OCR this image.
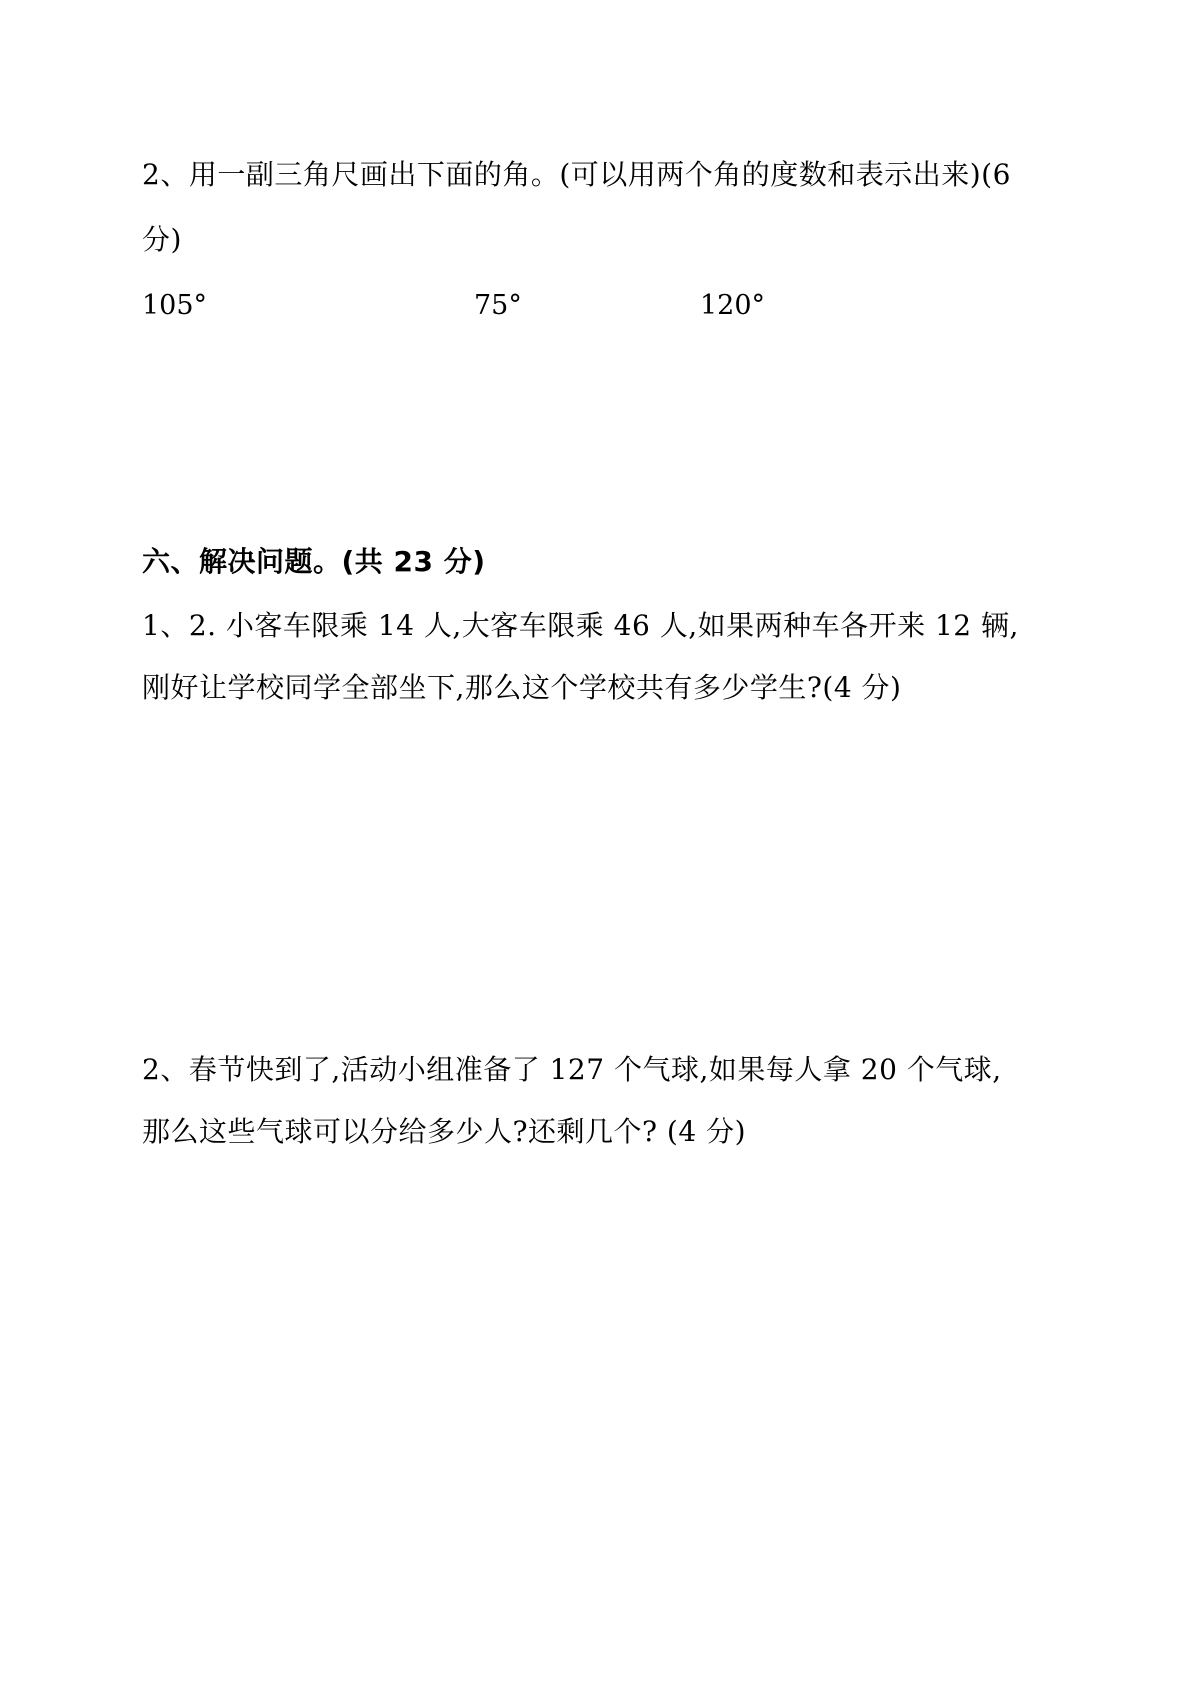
2、用一副三角尺画出下面的角。(可以用两个角的度数和表示出来)(6

分)

105°	75°	120°

六、解决问题。(共 23 分)

1、2. 小客车限乘 14 人,大客车限乘 46 人,如果两种车各开来 12 辆,

刚好让学校同学全部坐下,那么这个学校共有多少学生?(4 分)

2、春节快到了,活动小组准备了 127 个气球,如果每人拿 20 个气球,

那么这些气球可以分给多少人?还剩几个? (4 分)
